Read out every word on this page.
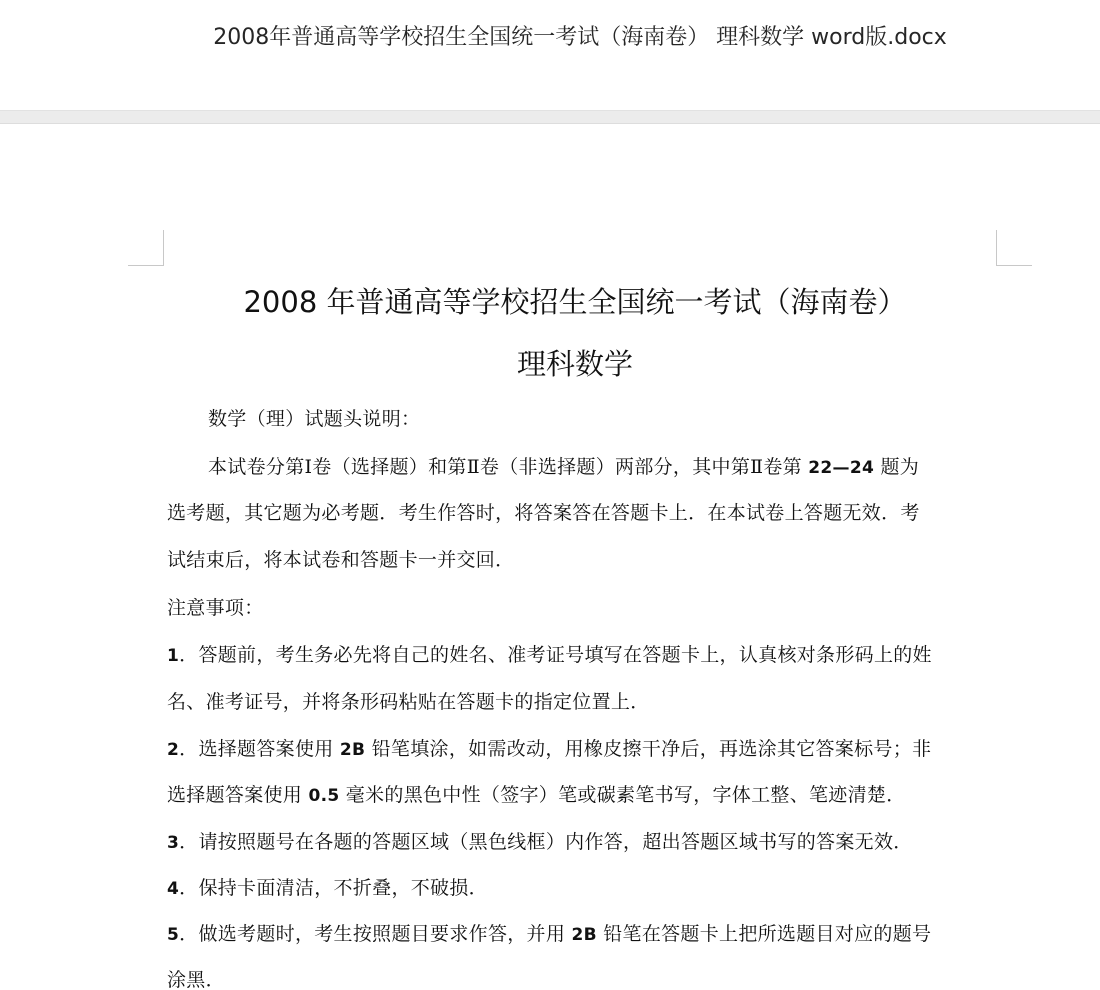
2008年普通高等学校招生全国统一考试（海南卷） 理科数学 word版.docx
2008 年普通高等学校招生全国统一考试（海南卷）
理科数学
数学（理）试题头说明：
本试卷分第Ⅰ卷（选择题）和第Ⅱ卷（非选择题）两部分，其中第Ⅱ卷第 22—24 题为
选考题，其它题为必考题．考生作答时，将答案答在答题卡上．在本试卷上答题无效．考
试结束后，将本试卷和答题卡一并交回．
注意事项：
1．答题前，考生务必先将自己的姓名、准考证号填写在答题卡上，认真核对条形码上的姓
名、准考证号，并将条形码粘贴在答题卡的指定位置上．
2．选择题答案使用 2B 铅笔填涂，如需改动，用橡皮擦干净后，再选涂其它答案标号；非
选择题答案使用 0.5 毫米的黑色中性（签字）笔或碳素笔书写，字体工整、笔迹清楚．
3．请按照题号在各题的答题区域（黑色线框）内作答，超出答题区域书写的答案无效．
4．保持卡面清洁，不折叠，不破损．
5．做选考题时，考生按照题目要求作答，并用 2B 铅笔在答题卡上把所选题目对应的题号
涂黑．
